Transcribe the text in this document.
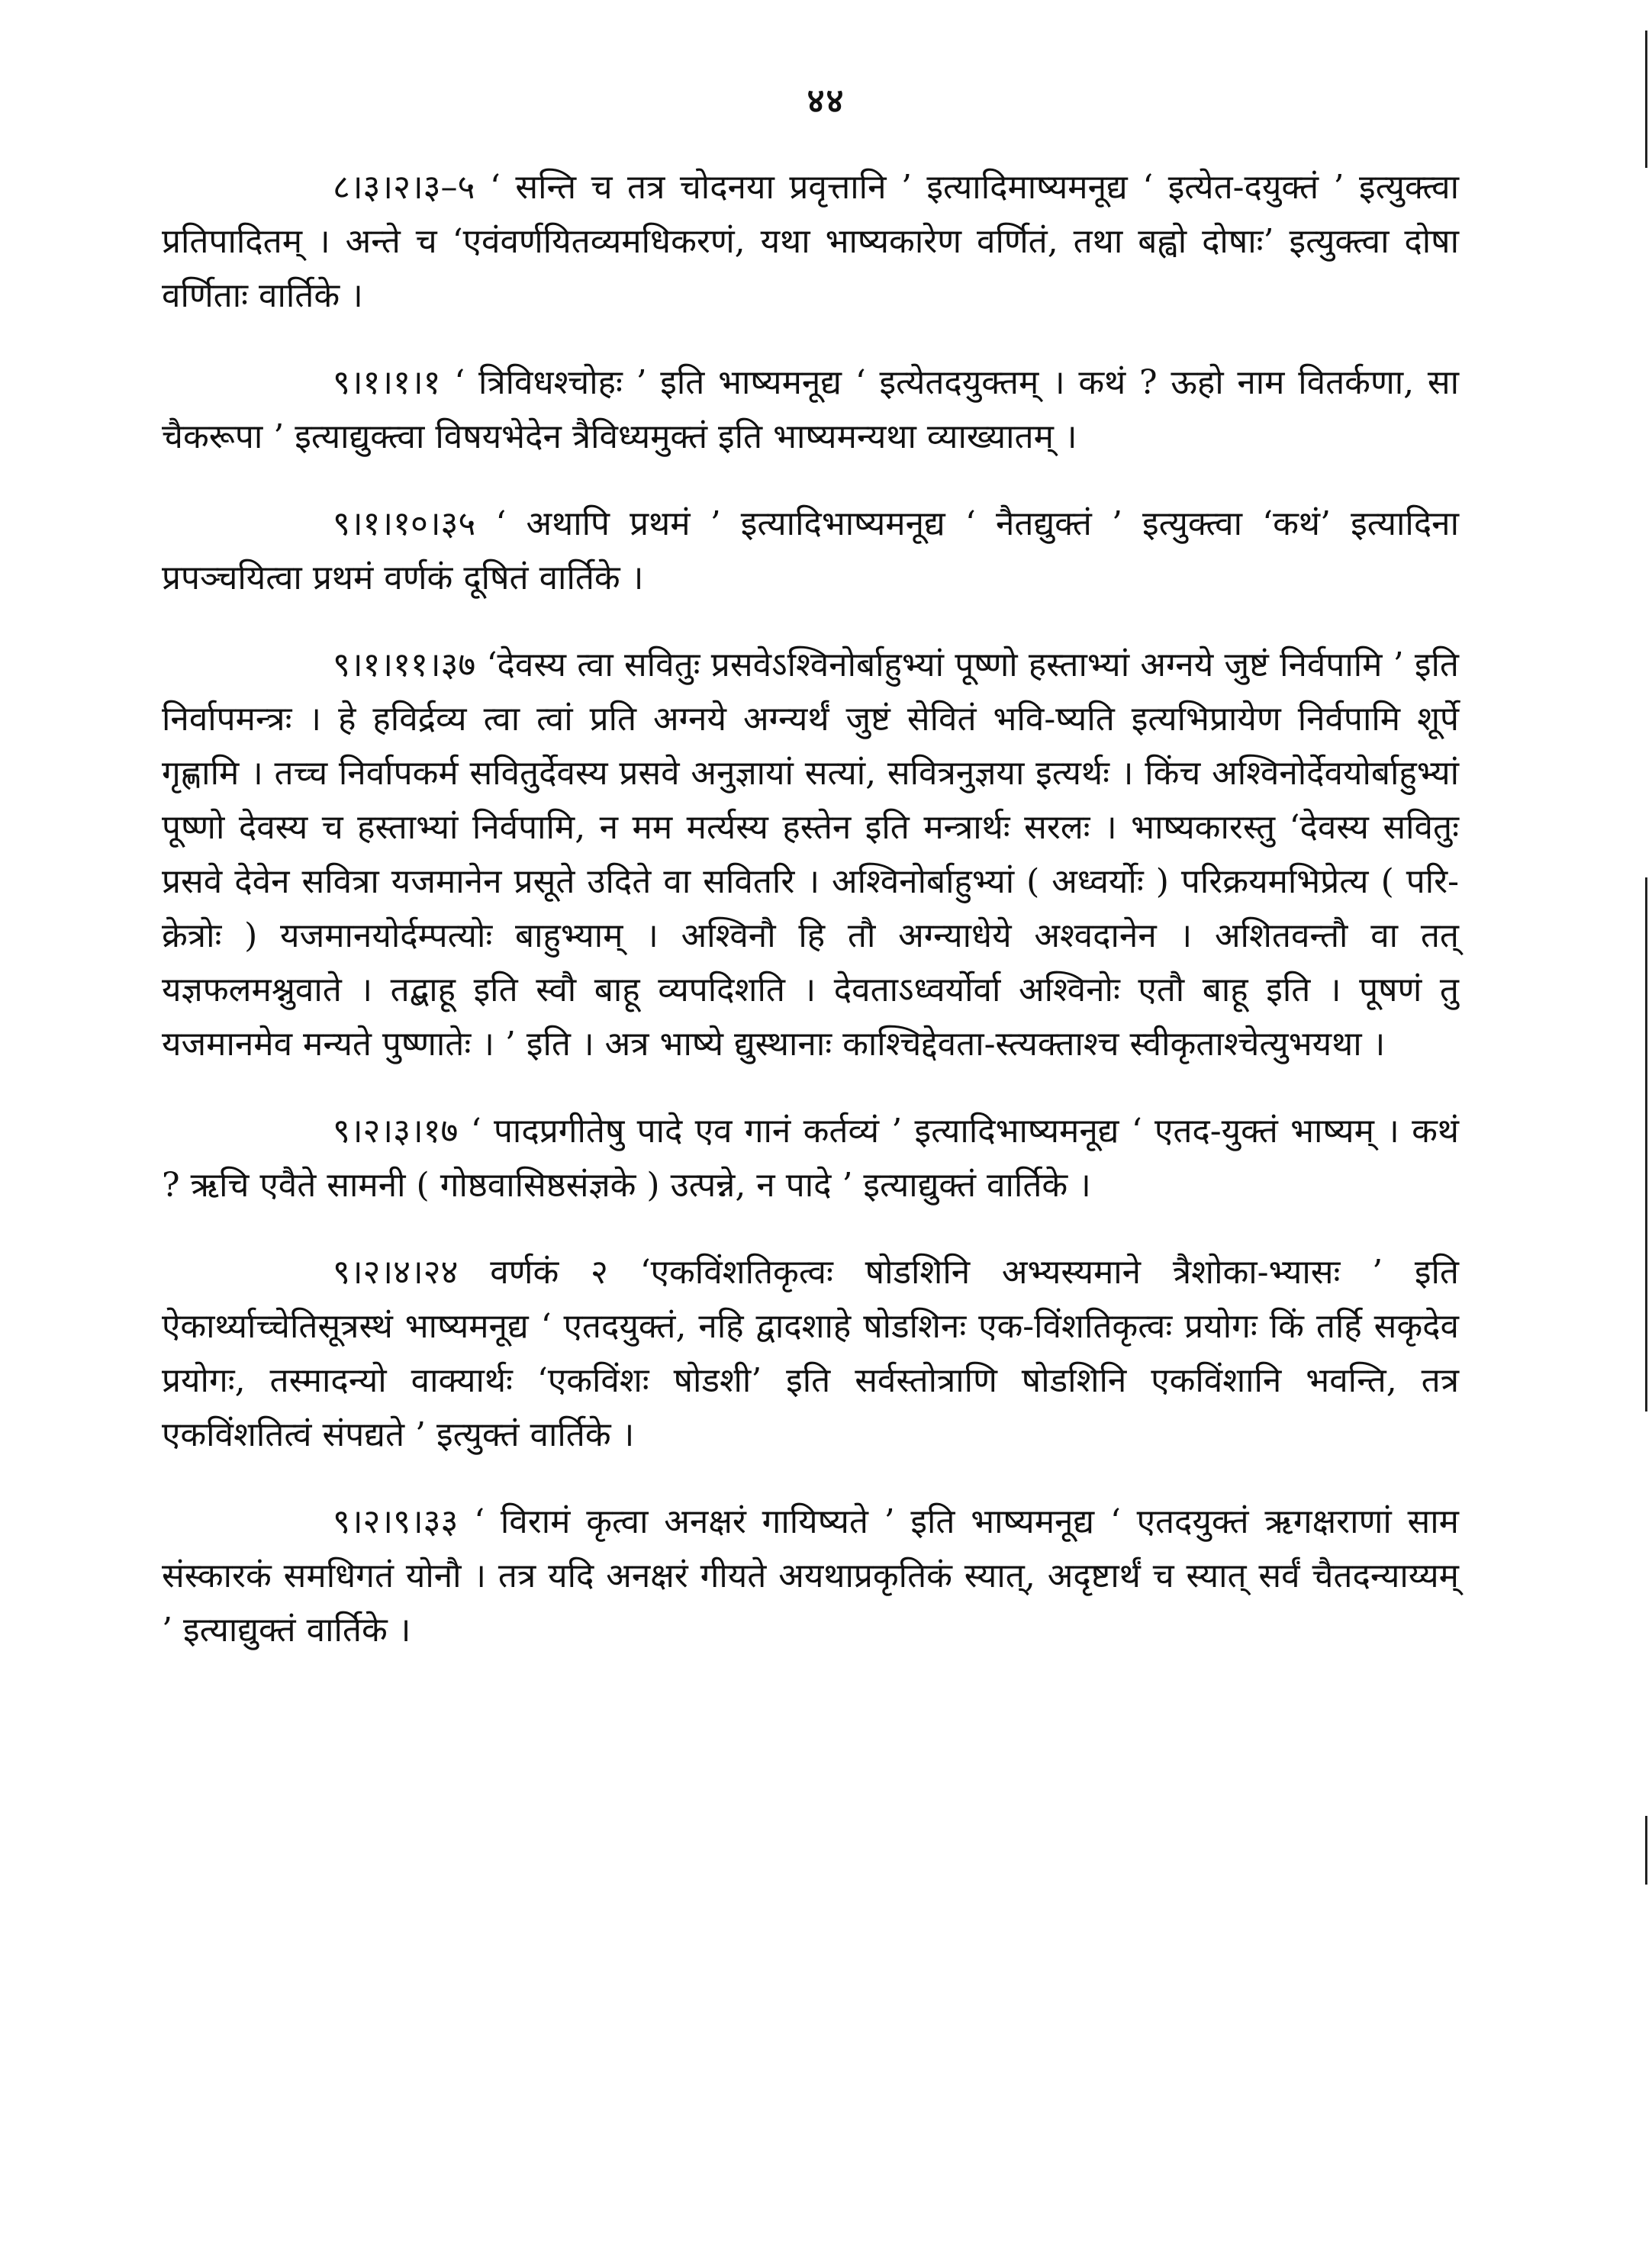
४४

८।३।२।३–५ ‘ सन्ति च तत्र चोदनया प्रवृत्तानि ’ इत्यादिमाष्यमनूद्य ‘ इत्येत-दयुक्तं ’ इत्युक्त्वा प्रतिपादितम् । अन्ते च ‘एवंवर्णयितव्यमधिकरणं, यथा भाष्यकारेण वर्णितं, तथा बह्वो दोषाः’ इत्युक्त्वा दोषा वर्णिताः वार्तिके ।

९।१।१।१ ‘ त्रिविधश्चोहः ’ इति भाष्यमनूद्य ‘ इत्येतदयुक्तम् । कथं ? ऊहो नाम वितर्कणा, सा चैकरूपा ’ इत्याद्युक्त्वा विषयभेदेन त्रैविध्यमुक्तं इति भाष्यमन्यथा व्याख्यातम् ।

९।१।१०।३५ ‘ अथापि प्रथमं ’ इत्यादिभाष्यमनूद्य ‘ नैतद्युक्तं ’ इत्युक्त्वा ‘कथं’ इत्यादिना प्रपञ्चयित्वा प्रथमं वर्णकं दूषितं वार्तिके ।

९।१।११।३७ ‘देवस्य त्वा सवितुः प्रसवेऽश्विनोर्बाहुभ्यां पूष्णो हस्ताभ्यां अग्नये जुष्टं निर्वपामि ’ इति निर्वापमन्त्रः । हे हविर्द्रव्य त्वा त्वां प्रति अग्नये अग्न्यर्थं जुष्टं सेवितं भवि-ष्यति इत्यभिप्रायेण निर्वपामि शूर्पे गृह्णामि । तच्च निर्वापकर्म सवितुर्देवस्य प्रसवे अनुज्ञायां सत्यां, सवित्रनुज्ञया इत्यर्थः । किंच अश्विनोर्देवयोर्बाहुभ्यां पूष्णो देवस्य च हस्ताभ्यां निर्वपामि, न मम मर्त्यस्य हस्तेन इति मन्त्रार्थः सरलः । भाष्यकारस्तु ‘देवस्य सवितुः प्रसवे देवेन सवित्रा यजमानेन प्रसूते उदिते वा सवितरि । अश्विनोर्बाहुभ्यां ( अध्वर्योः ) परिक्रयमभिप्रेत्य ( परि-क्रेत्रोः ) यजमानयोर्दम्पत्योः बाहुभ्याम् । अश्विनौ हि तौ अग्न्याधेये अश्वदानेन । अशितवन्तौ वा तत् यज्ञफलमश्नुवाते । तद्बाहू इति स्वौ बाहू व्यपदिशति । देवताऽध्वर्योर्वा अश्विनोः एतौ बाहू इति । पूषणं तु यजमानमेव मन्यते पुष्णातेः । ’ इति । अत्र भाष्ये द्युस्थानाः काश्चिद्देवता-स्त्यक्ताश्च स्वीकृताश्चेत्युभयथा ।

९।२।३।१७ ‘ पादप्रगीतेषु पादे एव गानं कर्तव्यं ’ इत्यादिभाष्यमनूद्य ‘ एतद-युक्तं भाष्यम् । कथं ? ऋचि एवैते सामनी ( गोष्ठवासिष्ठसंज्ञके ) उत्पन्ने, न पादे ’ इत्याद्युक्तं वार्तिके ।

९।२।४।२४ वर्णकं २ ‘एकविंशतिकृत्वः षोडशिनि अभ्यस्यमाने त्रैशोका-भ्यासः ’ इति ऐकार्थ्याच्चेतिसूत्रस्थं भाष्यमनूद्य ‘ एतदयुक्तं, नहि द्वादशाहे षोडशिनः एक-विंशतिकृत्वः प्रयोगः किं तर्हि सकृदेव प्रयोगः, तस्मादन्यो वाक्यार्थः ‘एकविंशः षोडशी’ इति सर्वस्तोत्राणि षोडशिनि एकविंशानि भवन्ति, तत्र एकविंशतित्वं संपद्यते ’ इत्युक्तं वार्तिके ।

९।२।९।३३ ‘ विरामं कृत्वा अनक्षरं गायिष्यते ’ इति भाष्यमनूद्य ‘ एतदयुक्तं ऋगक्षराणां साम संस्कारकं समधिगतं योनौ । तत्र यदि अनक्षरं गीयते अयथाप्रकृतिकं स्यात्, अदृष्टार्थं च स्यात् सर्वं चैतदन्याय्यम् ’ इत्याद्युक्तं वार्तिके ।
